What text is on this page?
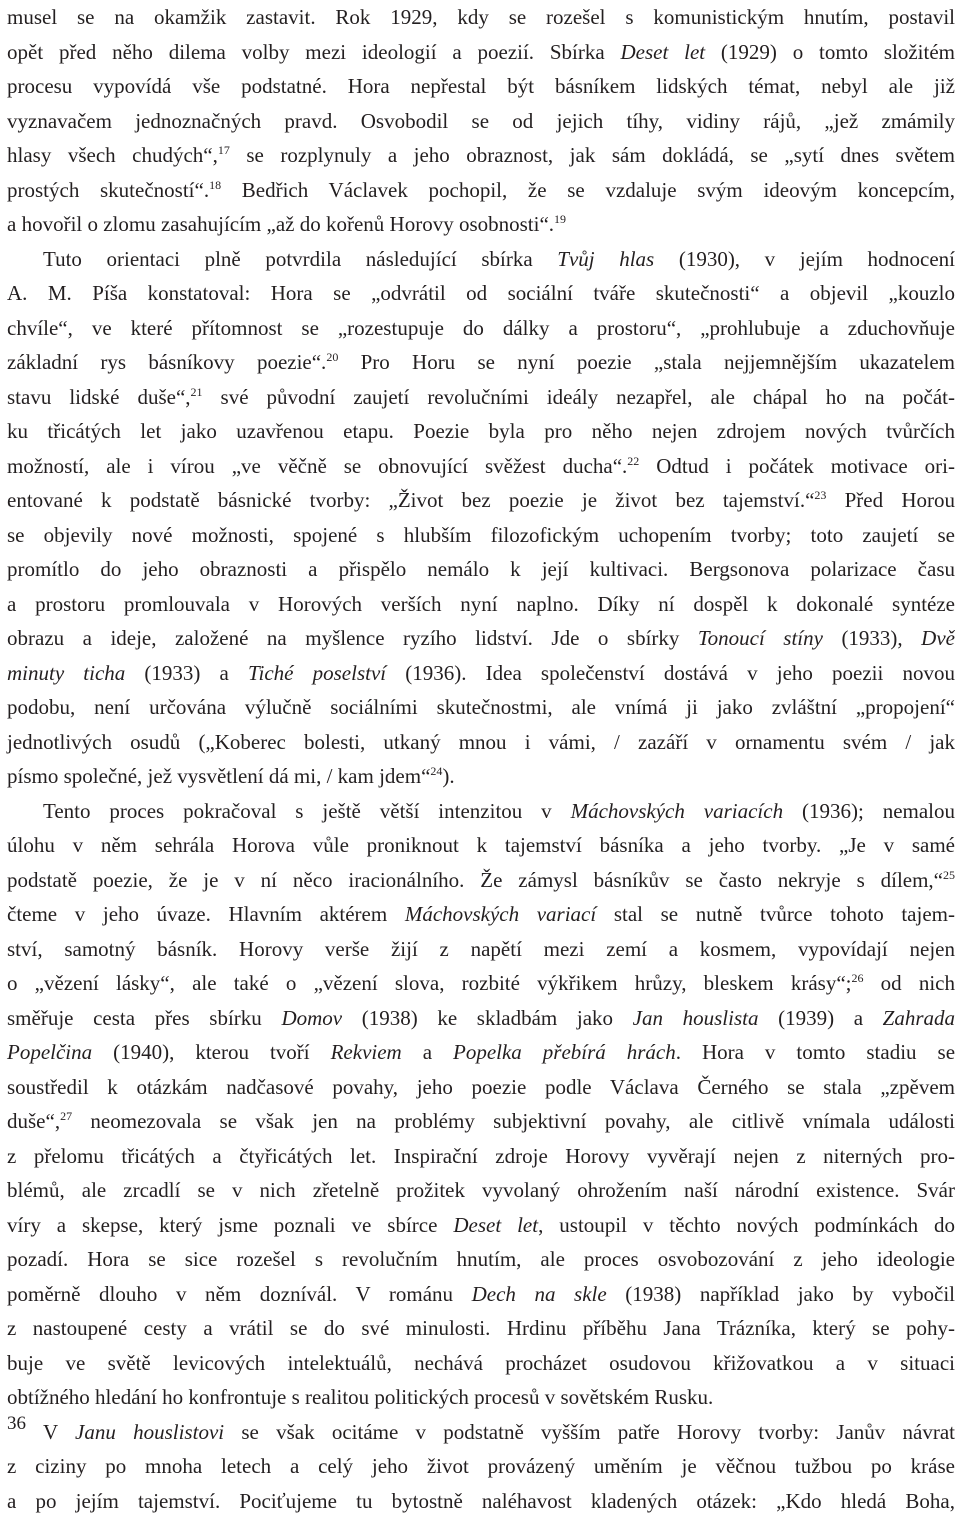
musel se na okamžik zastavit. Rok 1929, kdy se rozešel s komunistickým hnutím, postavil
opět před něho dilema volby mezi ideologií a poezií. Sbírka Deset let (1929) o tomto složitém
procesu vypovídá vše podstatné. Hora nepřestal být básníkem lidských témat, nebyl ale již
vyznavačem jednoznačných pravd. Osvobodil se od jejich tíhy, vidiny rájů, „jež zmámily
hlasy všech chudých“,$^{17}$ se rozplynuly a jeho obraznost, jak sám dokládá, se „sytí dnes světem
prostých skutečností“.$^{18}$ Bedřich Václavek pochopil, že se vzdaluje svým ideovým koncepcím,
a hovořil o zlomu zasahujícím „až do kořenů Horovy osobnosti“.$^{19}$
Tuto orientaci plně potvrdila následující sbírka Tvůj hlas (1930), v jejím hodnocení
A. M. Píša konstatoval: Hora se „odvrátil od sociální tváře skutečnosti“ a objevil „kouzlo
chvíle“, ve které přítomnost se „rozestupuje do dálky a prostoru“, „prohlubuje a zduchovňuje
základní rys básníkovy poezie“.$^{20}$ Pro Horu se nyní poezie „stala nejjemnějším ukazatelem
stavu lidské duše“,$^{21}$ své původní zaujetí revolučními ideály nezapřel, ale chápal ho na počát-
ku třicátých let jako uzavřenou etapu. Poezie byla pro něho nejen zdrojem nových tvůrčích
možností, ale i vírou „ve věčně se obnovující svěžest ducha“.$^{22}$ Odtud i počátek motivace ori-
entované k podstatě básnické tvorby: „Život bez poezie je život bez tajemství.“$^{23}$ Před Horou
se objevily nové možnosti, spojené s hlubším filozofickým uchopením tvorby; toto zaujetí se
promítlo do jeho obraznosti a přispělo nemálo k její kultivaci. Bergsonova polarizace času
a prostoru promlouvala v Horových verších nyní naplno. Díky ní dospěl k dokonalé syntéze
obrazu a ideje, založené na myšlence ryzího lidství. Jde o sbírky Tonoucí stíny (1933), Dvě
minuty ticha (1933) a Tiché poselství (1936). Idea společenství dostává v jeho poezii novou
podobu, není určována výlučně sociálními skutečnostmi, ale vnímá ji jako zvláštní „propojení“
jednotlivých osudů („Koberec bolesti, utkaný mnou i vámi, / zazáří v ornamentu svém / jak
písmo společné, jež vysvětlení dá mi, / kam jdem“$^{24}$).
Tento proces pokračoval s ještě větší intenzitou v Máchovských variacích (1936); nemalou
úlohu v něm sehrála Horova vůle proniknout k tajemství básníka a jeho tvorby. „Je v samé
podstatě poezie, že je v ní něco iracionálního. Že zámysl básníkův se často nekryje s dílem,“$^{25}$
čteme v jeho úvaze. Hlavním aktérem Máchovských variací stal se nutně tvůrce tohoto tajem-
ství, samotný básník. Horovy verše žijí z napětí mezi zemí a kosmem, vypovídají nejen
o „vězení lásky“, ale také o „vězení slova, rozbité výkřikem hrůzy, bleskem krásy“;$^{26}$ od nich
směřuje cesta přes sbírku Domov (1938) ke skladbám jako Jan houslista (1939) a Zahrada
Popelčina (1940), kterou tvoří Rekviem a Popelka přebírá hrách. Hora v tomto stadiu se
soustředil k otázkám nadčasové povahy, jeho poezie podle Václava Černého se stala „zpěvem
duše“,$^{27}$ neomezovala se však jen na problémy subjektivní povahy, ale citlivě vnímala události
z přelomu třicátých a čtyřicátých let. Inspirační zdroje Horovy vyvěrají nejen z niterných pro-
blémů, ale zrcadlí se v nich zřetelně prožitek vyvolaný ohrožením naší národní existence. Svár
víry a skepse, který jsme poznali ve sbírce Deset let, ustoupil v těchto nových podmínkách do
pozadí. Hora se sice rozešel s revolučním hnutím, ale proces osvobozování z jeho ideologie
poměrně dlouho v něm doznívál. V románu Dech na skle (1938) například jako by vybočil
z nastoupené cesty a vrátil se do své minulosti. Hrdinu příběhu Jana Trázníka, který se pohy-
buje ve světě levicových intelektuálů, nechává procházet osudovou křižovatkou a v situaci
obtížného hledání ho konfrontuje s realitou politických procesů v sovětském Rusku.
V Janu houslistovi se však ocitáme v podstatně vyšším patře Horovy tvorby: Janův návrat
z ciziny po mnoha letech a celý jeho život provázený uměním je věčnou tužbou po kráse
a po jejím tajemství. Pociťujeme tu bytostně naléhavost kladených otázek: „Kdo hledá Boha,
36
